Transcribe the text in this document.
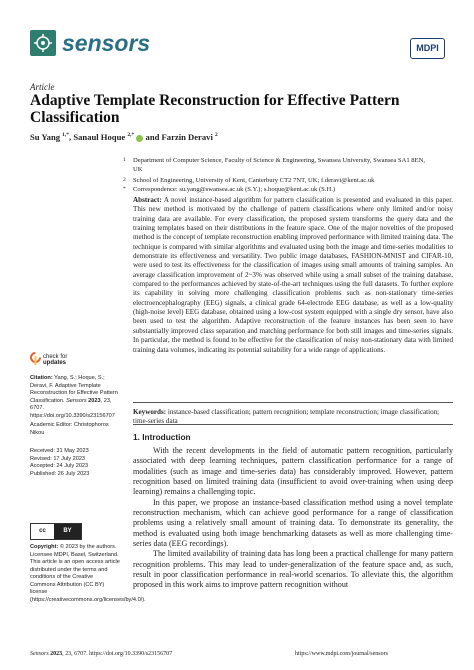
sensors	MDPI
Article
Adaptive Template Reconstruction for Effective Pattern Classification
Su Yang $^{1,*}$, Sanaul Hoque $^{2,*}$ and Farzin Deravi $^2$
1 Department of Computer Science, Faculty of Science & Engineering, Swansea University, Swansea SA1 8EN, UK
2 School of Engineering, University of Kent, Canterbury CT2 7NT, UK; f.deravi@kent.ac.uk
* Correspondence: su.yang@swansea.ac.uk (S.Y.); s.hoque@kent.ac.uk (S.H.)
Abstract: A novel instance-based algorithm for pattern classification is presented and evaluated in this paper. This new method is motivated by the challenge of pattern classifications where only limited and/or noisy training data are available. For every classification, the proposed system transforms the query data and the training templates based on their distributions in the feature space. One of the major novelties of the proposed method is the concept of template reconstruction enabling improved performance with limited training data. The technique is compared with similar algorithms and evaluated using both the image and time-series modalities to demonstrate its effectiveness and versatility. Two public image databases, FASHION-MNIST and CIFAR-10, were used to test its effectiveness for the classification of images using small amounts of training samples. An average classification improvement of 2~3% was observed while using a small subset of the training database, compared to the performances achieved by state-of-the-art techniques using the full datasets. To further explore its capability in solving more challenging classification problems such as non-stationary time-series electroencephalography (EEG) signals, a clinical grade 64-electrode EEG database, as well as a low-quality (high-noise level) EEG database, obtained using a low-cost system equipped with a single dry sensor, have also been used to test the algorithm. Adaptive reconstruction of the feature instances has been seen to have substantially improved class separation and matching performance for both still images and time-series signals. In particular, the method is found to be effective for the classification of noisy non-stationary data with limited training data volumes, indicating its potential suitability for a wide range of applications.
Keywords: instance-based classification; pattern recognition; template reconstruction; image classification; time-series data
1. Introduction

With the recent developments in the field of automatic pattern recognition, particularly associated with deep learning techniques, pattern classification performance for a range of modalities (such as image and time-series data) has considerably improved. However, pattern recognition based on limited training data (insufficient to avoid over-training when using deep learning) remains a challenging topic.

In this paper, we propose an instance-based classification method using a novel template reconstruction mechanism, which can achieve good performance for a range of classification problems using a relatively small amount of training data. To demonstrate its generality, the method is evaluated using both image benchmarking datasets as well as more challenging time-series data (EEG recordings).

The limited availability of training data has long been a practical challenge for many pattern recognition problems. This may lead to under-generalization of the feature space and, as such, result in poor classification performance in real-world scenarios. To alleviate this, the algorithm proposed in this work aims to improve pattern recognition without

check for
updates
Citation: Yang, S.; Hoque, S.; Deravi, F. Adaptive Template Reconstruction for Effective Pattern Classification. Sensors 2023, 23, 6707. https://doi.org/10.3390/s23156707
Academic Editor: Christophoros Nikou
Received: 31 May 2023
Revised: 17 July 2023
Accepted: 24 July 2023
Published: 26 July 2023
cc	BY
Copyright: © 2023 by the authors. Licensee MDPI, Basel, Switzerland. This article is an open access article distributed under the terms and conditions of the Creative Commons Attribution (CC BY) license (https://creativecommons.org/licenses/by/4.0/).
Sensors 2023, 23, 6707. https://doi.org/10.3390/s23156707	https://www.mdpi.com/journal/sensors
